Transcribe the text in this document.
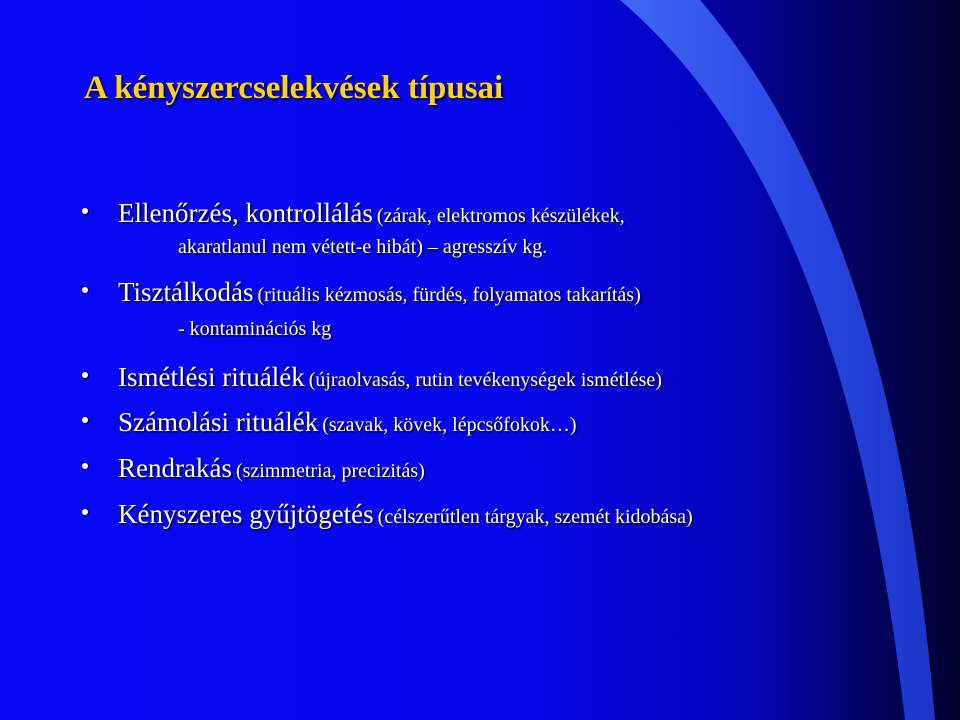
A kényszercselekvések típusai
Ellenőrzés, kontrollálás (zárak, elektromos készülékek,
akaratlanul nem vétett-e hibát) – agresszív kg.
Tisztálkodás (rituális kézmosás, fürdés, folyamatos takarítás)
- kontaminációs kg
Ismétlési rituálék (újraolvasás, rutin tevékenységek ismétlése)
Számolási rituálék (szavak, kövek, lépcsőfokok…)
Rendrakás (szimmetria, precizitás)
Kényszeres gyűjtögetés (célszerűtlen tárgyak, szemét kidobása)
